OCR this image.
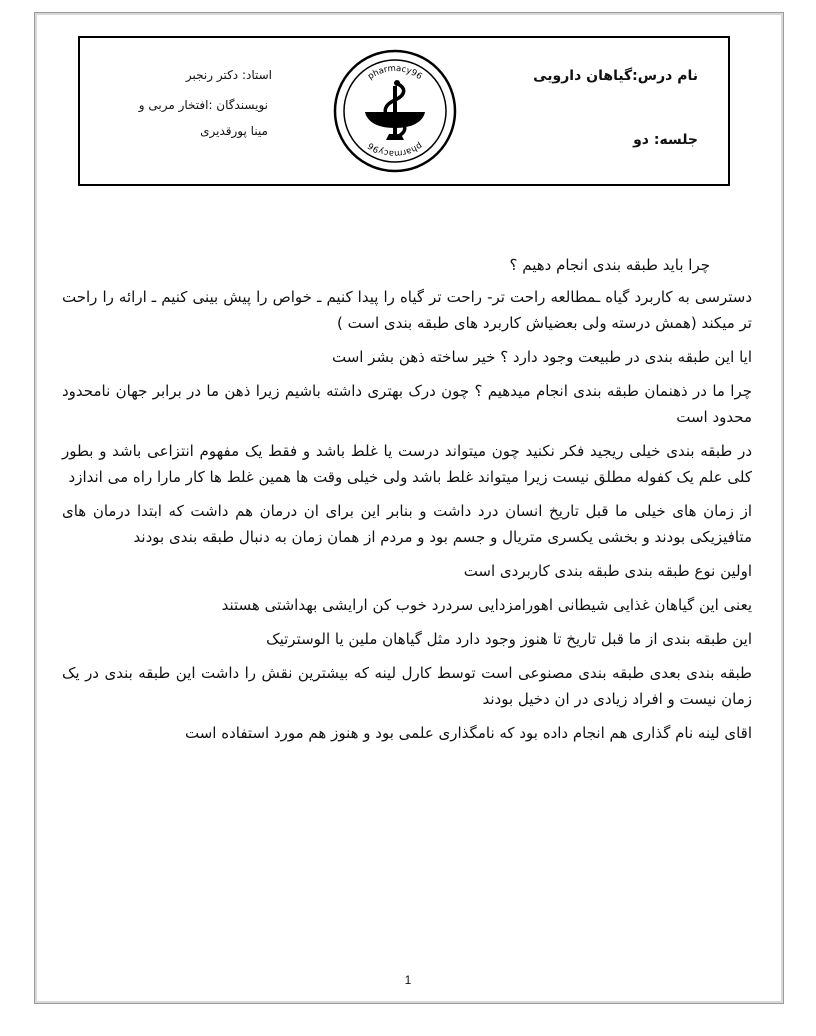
نام درس:گیاهان دارویی
جلسه: دو
استاد: دکتر رنجبر
نویسندگان :افتخار مربی و
مینا پورقدیری
pharmacy96
pharmacy96
چرا باید طبقه بندی انجام دهیم ؟

دسترسی به کاربرد گیاه ـمطالعه راحت تر- راحت تر گیاه را پیدا کنیم ـ خواص را پیش بینی کنیم ـ ارائه را راحت تر میکند (همش درسته ولی بعضیاش کاربرد های طبقه بندی است )

ایا این طبقه بندی در طبیعت وجود دارد ؟ خیر ساخته ذهن بشر است

چرا ما در ذهنمان طبقه بندی انجام میدهیم ؟ چون درک بهتری داشته باشیم زیرا ذهن ما در برابر جهان نامحدود محدود است

در طبقه بندی خیلی ریجید فکر نکنید چون میتواند درست یا غلط باشد و فقط یک مفهوم انتزاعی باشد و بطور کلی علم یک کفوله مطلق نیست زیرا میتواند غلط باشد ولی خیلی وقت ها همین غلط ها کار مارا راه می اندازد

از زمان های خیلی ما قبل تاریخ انسان درد داشت و بنابر این برای ان درمان هم داشت که ابتدا درمان های متافیزیکی بودند و بخشی یکسری متریال و جسم بود و مردم از همان زمان به دنبال طبقه بندی بودند

اولین نوع طبقه بندی طبقه بندی کاربردی است

یعنی این گیاهان غذایی شیطانی اهورامزدایی سردرد خوب کن ارایشی بهداشتی هستند

این طبقه بندی از ما قبل تاریخ تا هنوز وجود دارد مثل گیاهان ملین یا الوسترتیک

طبقه بندی بعدی طبقه بندی مصنوعی است توسط کارل لینه که بیشترین نقش را داشت این طبقه بندی در یک زمان نیست و افراد زیادی در ان دخیل بودند

اقای لینه نام گذاری هم انجام داده بود که نامگذاری علمی بود و هنوز هم مورد استفاده است

1
